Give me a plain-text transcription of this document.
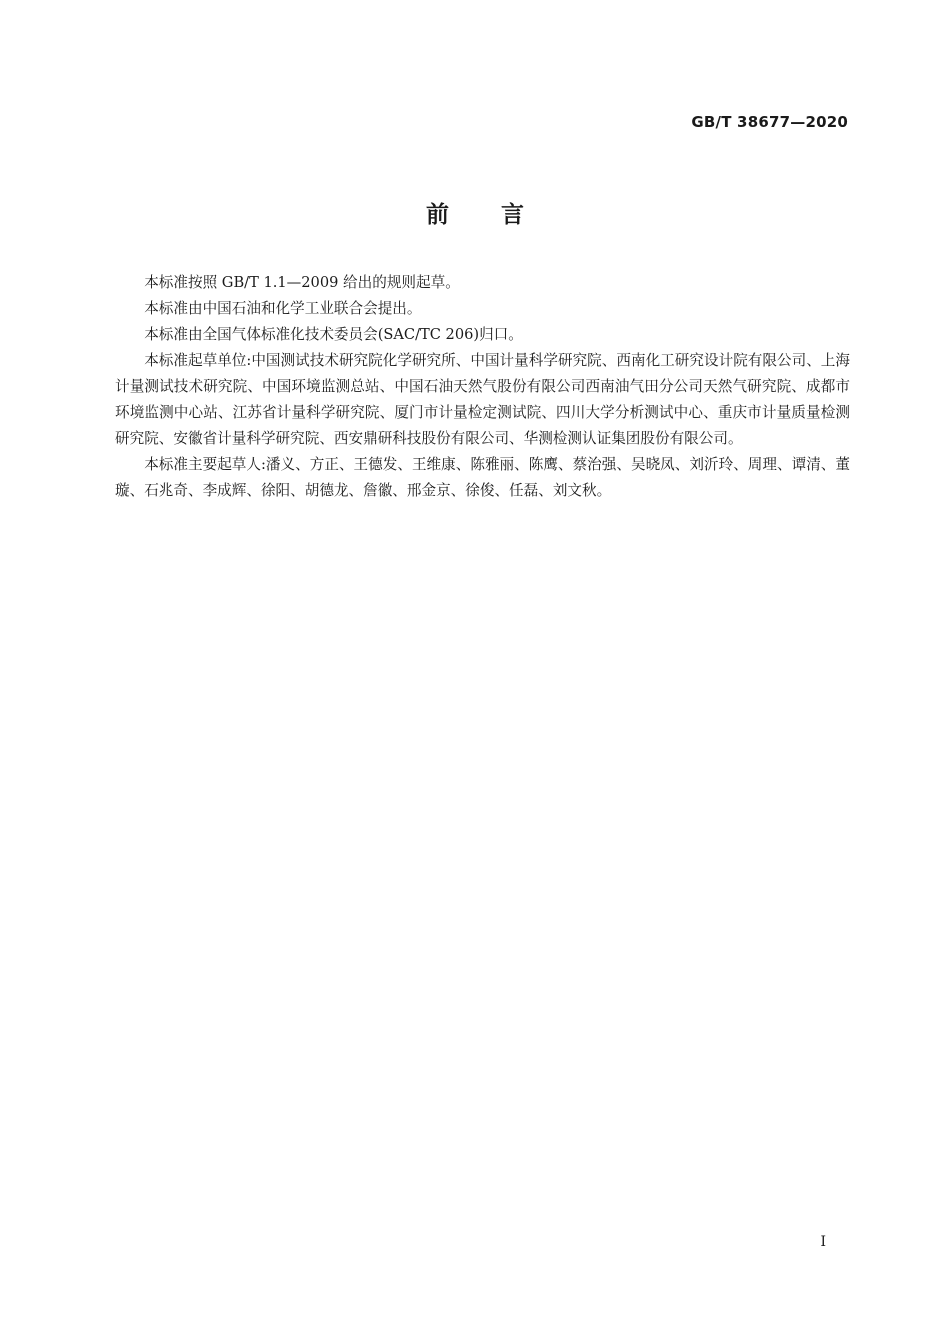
GB/T 38677—2020
前 言

本标准按照 GB/T 1.1—2009 给出的规则起草。

本标准由中国石油和化学工业联合会提出。

本标准由全国气体标准化技术委员会(SAC/TC 206)归口。

本标准起草单位:中国测试技术研究院化学研究所、中国计量科学研究院、西南化工研究设计院有限公司、上海计量测试技术研究院、中国环境监测总站、中国石油天然气股份有限公司西南油气田分公司天然气研究院、成都市环境监测中心站、江苏省计量科学研究院、厦门市计量检定测试院、四川大学分析测试中心、重庆市计量质量检测研究院、安徽省计量科学研究院、西安鼎研科技股份有限公司、华测检测认证集团股份有限公司。

本标准主要起草人:潘义、方正、王德发、王维康、陈雅丽、陈鹰、蔡治强、吴晓凤、刘沂玲、周理、谭清、董璇、石兆奇、李成辉、徐阳、胡德龙、詹徽、邢金京、徐俊、任磊、刘文秋。

I
